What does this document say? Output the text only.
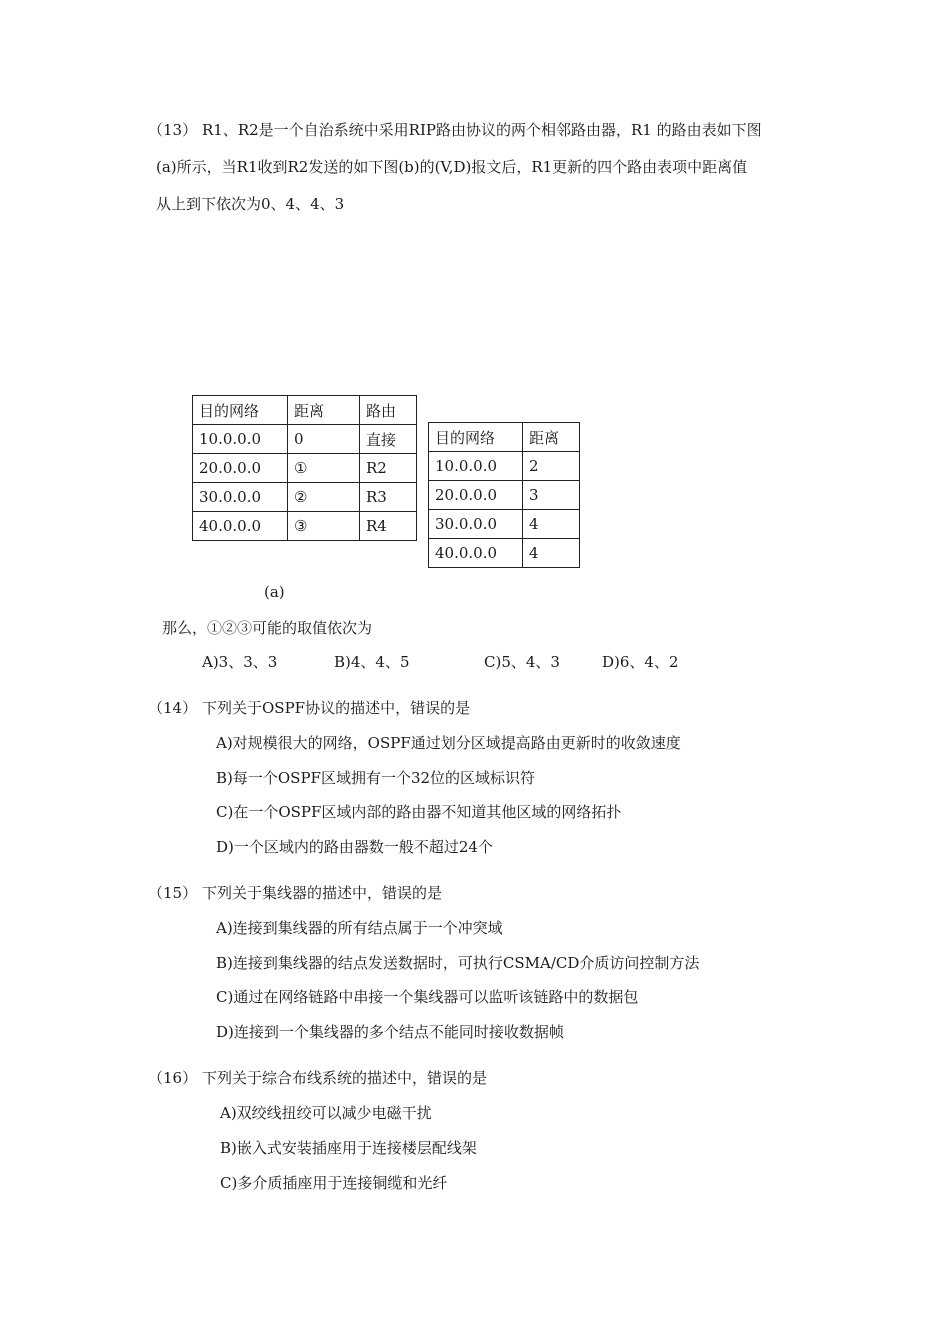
（13） R1、R2是一个自治系统中采用RIP路由协议的两个相邻路由器，R1 的路由表如下图
(a)所示，当R1收到R2发送的如下图(b)的(V,D)报文后，R1更新的四个路由表项中距离值
从上到下依次为0、4、4、3
目的网络	距离	路由
10.0.0.0	0	直接
20.0.0.0	①	R2
30.0.0.0	②	R3
40.0.0.0	③	R4
目的网络	距离
10.0.0.0	2
20.0.0.0	3
30.0.0.0	4
40.0.0.0	4
(a)
那么，①②③可能的取值依次为
A)3、3、3	B)4、4、5	C)5、4、3	D)6、4、2
（14） 下列关于OSPF协议的描述中，错误的是
A)对规模很大的网络，OSPF通过划分区域提高路由更新时的收敛速度
B)每一个OSPF区域拥有一个32位的区域标识符
C)在一个OSPF区域内部的路由器不知道其他区域的网络拓扑
D)一个区域内的路由器数一般不超过24个
（15） 下列关于集线器的描述中，错误的是
A)连接到集线器的所有结点属于一个冲突域
B)连接到集线器的结点发送数据时，可执行CSMA/CD介质访问控制方法
C)通过在网络链路中串接一个集线器可以监听该链路中的数据包
D)连接到一个集线器的多个结点不能同时接收数据帧
（16） 下列关于综合布线系统的描述中，错误的是
A)双绞线扭绞可以减少电磁干扰
B)嵌入式安装插座用于连接楼层配线架
C)多介质插座用于连接铜缆和光纤
